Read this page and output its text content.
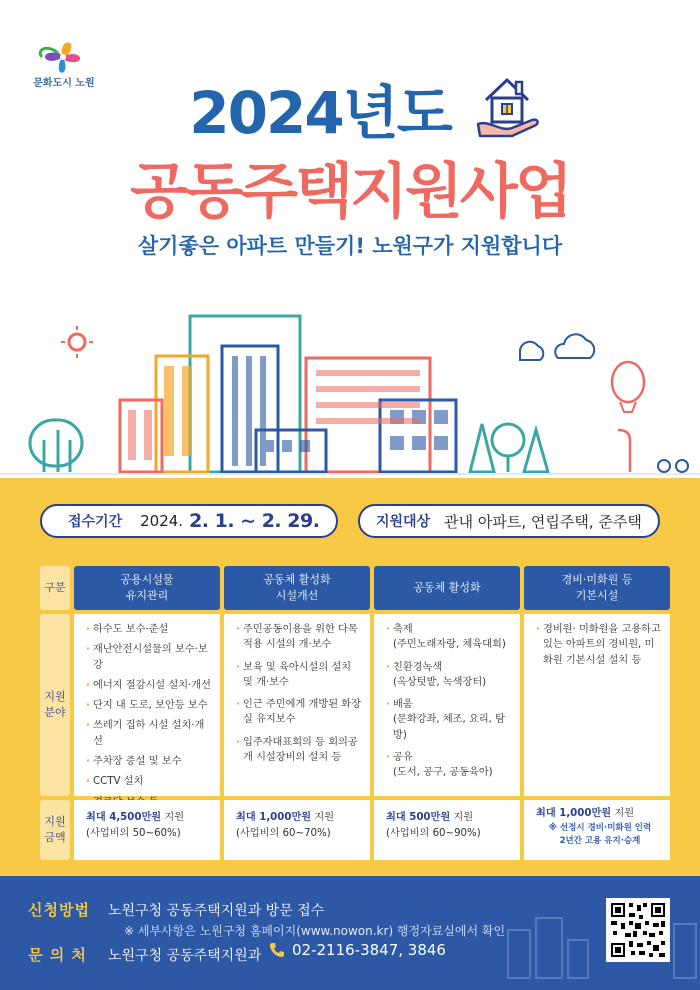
문화도시 노원	2024년도
공동주택지원사업
살기좋은 아파트 만들기! 노원구가 지원합니다
접수기간 2024. 2. 1. ~ 2. 29.	지원대상 관내 아파트, 연립주택, 준주택
구분
지원
분야
지원
금액
공용시설물
유지관리
공동체 활성화
시설개선
공동체 활성화
경비·미화원 등
기본시설
· 하수도 보수·준설
· 재난안전시설물의 보수·보강
· 에너지 절감시설 설치·개선
· 단지 내 도로, 보안등 보수
· 쓰레기 집하 시설 설치·개선
· 주차장 증설 및 보수
· CCTV 설치
·
· 주민공동이용을 위한 다목적용 시설의 개·보수
· 보육 및 육아시설의 설치 및 개·보수
· 인근 주민에게 개방된 화장실 유지보수
· 입주자대표회의 등 회의공개 시설장비의 설치 등
· 축제
(주민노래자랑, 체육대회)
· 친환경녹색
(옥상텃밭, 녹색장터)
· 배움
(문화강좌, 체조, 요리, 탐방)
· 공유
(도서, 공구, 공동육아)
· 경비원· 미화원을 고용하고 있는 아파트의 경비원, 미화원 기본시설 설치 등
최대 4,500만원 지원
(사업비의 50~60%)
최대 1,000만원 지원
(사업비의 60~70%)
최대 500만원 지원
(사업비의 60~90%)
최대 1,000만원 지원
※ 선정시 경비·미화원 인력
2년간 고용 유지·승계
신청방법 노원구청 공동주택지원과 방문 접수
※ 세부사항은 노원구청 홈페이지(www.nowon.kr) 행정자료실에서 확인
문 의 처 노원구청 공동주택지원과 02-2116-3847, 3846
